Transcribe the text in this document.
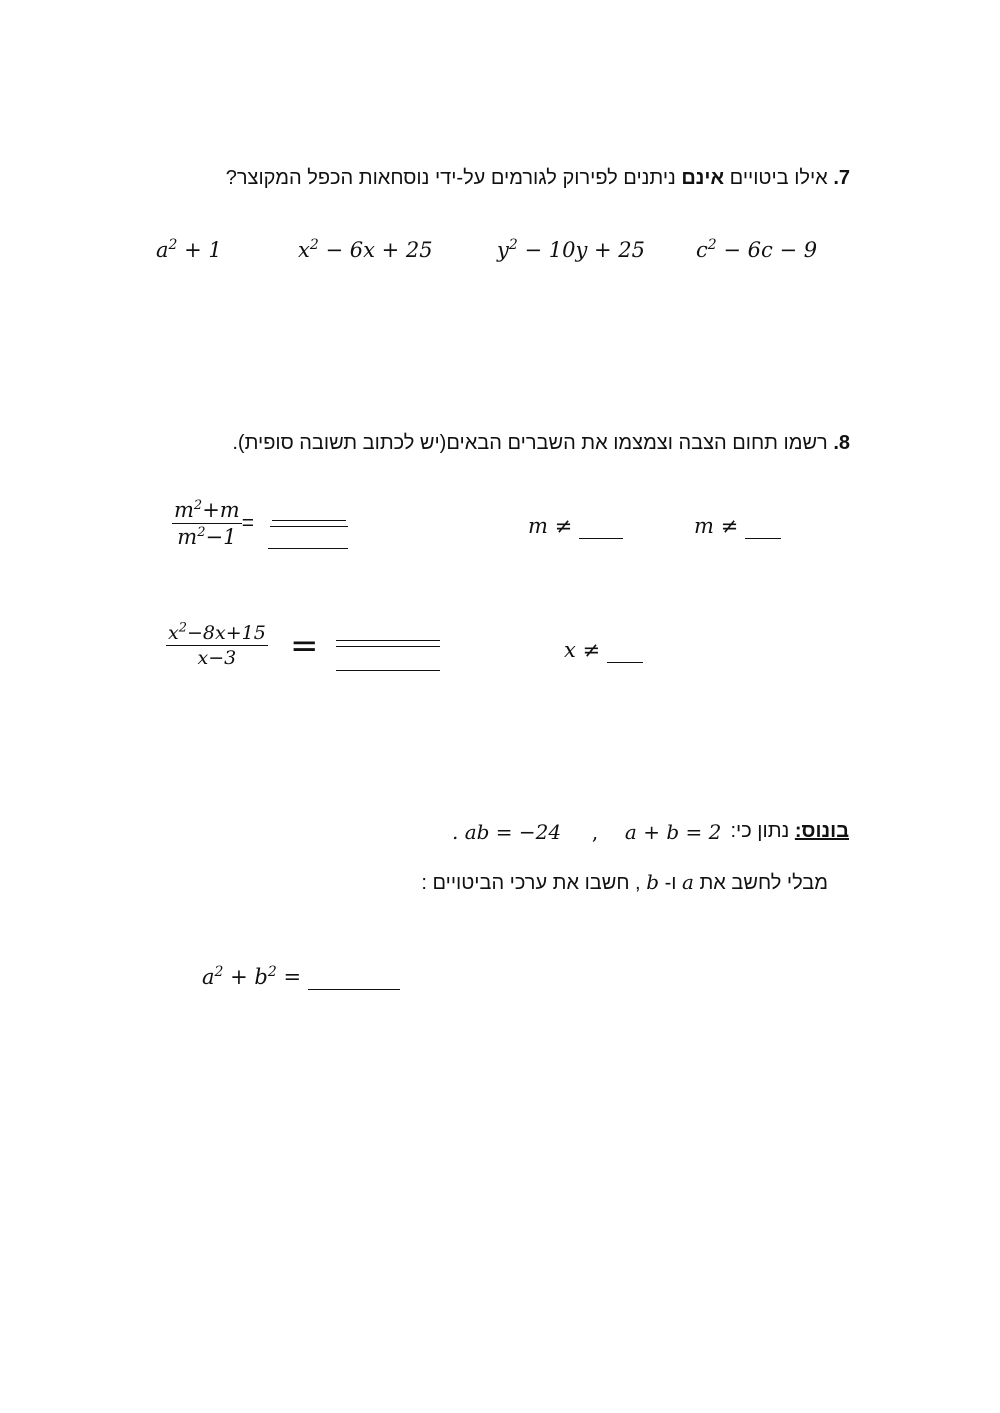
7. אילו ביטויים אינם ניתנים לפירוק לגורמים על-ידי נוסחאות הכפל המקוצר?
$a^2 + 1$	$x^2 - 6x + 25$	$y^2 - 10y + 25$ $c^2 - 6c - 9$
8. רשמו תחום הצבה וצמצמו את השברים הבאים(יש לכתוב תשובה סופית).
$\frac{m^2+m}{m^2-1}$ =	m ≠	m ≠
$\frac{x^2-8x+15}{x-3}$ =	x ≠
בונוס: נתון כי:
. ab = −24 , a + b = 2
מבלי לחשב את a ו- b , חשבו את ערכי הביטויים :
$a^2 + b^2$ =
